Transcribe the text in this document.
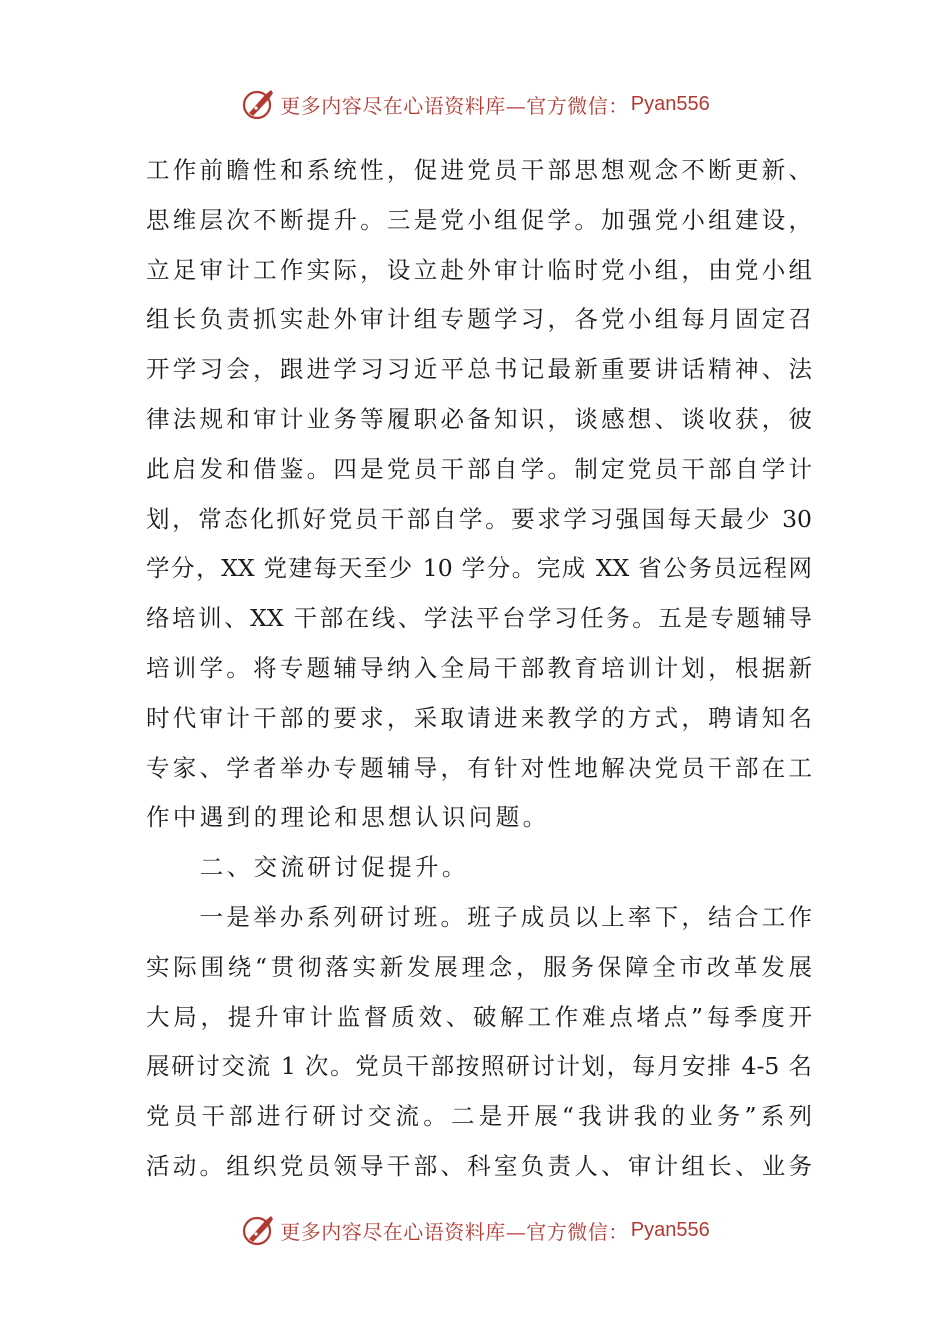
更多内容尽在心语资料库—官方微信： Pyan556
工作前瞻性和系统性，促进党员干部思想观念不断更新、
思维层次不断提升。三是党小组促学。加强党小组建设，
立足审计工作实际，设立赴外审计临时党小组，由党小组
组长负责抓实赴外审计组专题学习，各党小组每月固定召
开学习会，跟进学习习近平总书记最新重要讲话精神、法
律法规和审计业务等履职必备知识，谈感想、谈收获，彼
此启发和借鉴。四是党员干部自学。制定党员干部自学计
划，常态化抓好党员干部自学。要求学习强国每天最少 30
学分，XX 党建每天至少 10 学分。完成 XX 省公务员远程网
络培训、XX 干部在线、学法平台学习任务。五是专题辅导
培训学。将专题辅导纳入全局干部教育培训计划，根据新
时代审计干部的要求，采取请进来教学的方式，聘请知名
专家、学者举办专题辅导，有针对性地解决党员干部在工
作中遇到的理论和思想认识问题。
　　二、交流研讨促提升。
　　一是举办系列研讨班。班子成员以上率下，结合工作
实际围绕“贯彻落实新发展理念，服务保障全市改革发展
大局，提升审计监督质效、破解工作难点堵点”每季度开
展研讨交流 1 次。党员干部按照研讨计划，每月安排 4-5 名
党员干部进行研讨交流。二是开展“我讲我的业务”系列
活动。组织党员领导干部、科室负责人、审计组长、业务
更多内容尽在心语资料库—官方微信： Pyan556
